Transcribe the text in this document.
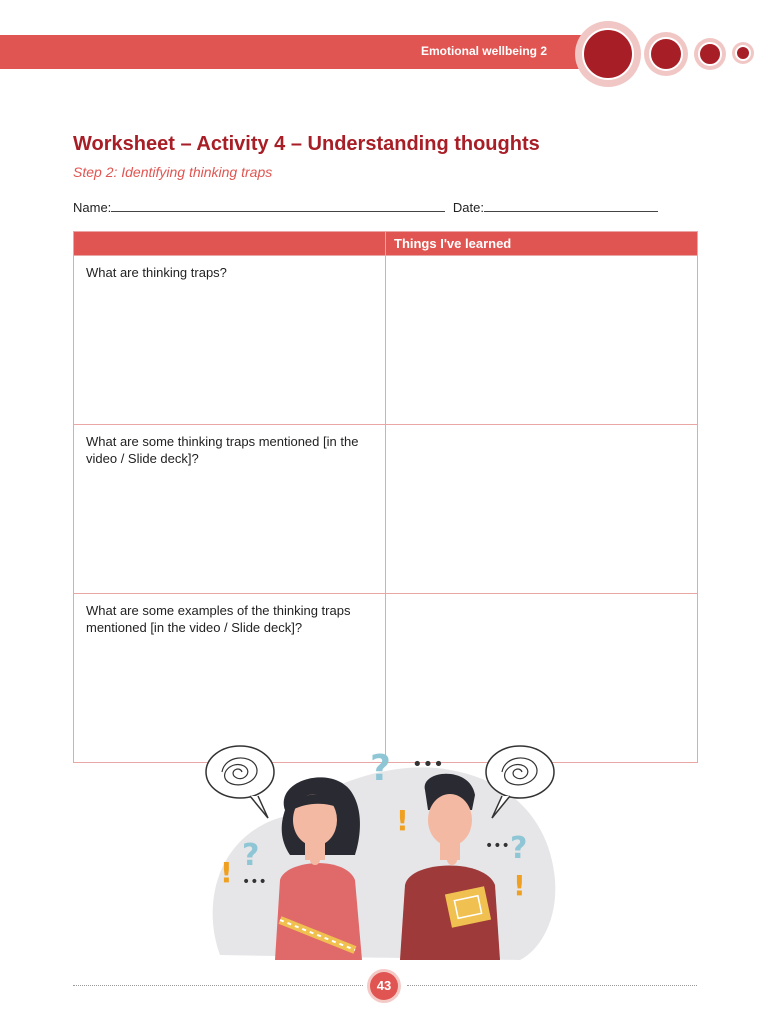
Emotional wellbeing 2
Worksheet – Activity 4 – Understanding thoughts
Step 2: Identifying thinking traps
Name:	Date:
	Things I've learned
What are thinking traps?	
What are some thinking traps mentioned [in the video / Slide deck]?	
What are some examples of the thinking traps mentioned [in the video / Slide deck]?	
?
?	?
!
!	!
•••
•••
•••
43
